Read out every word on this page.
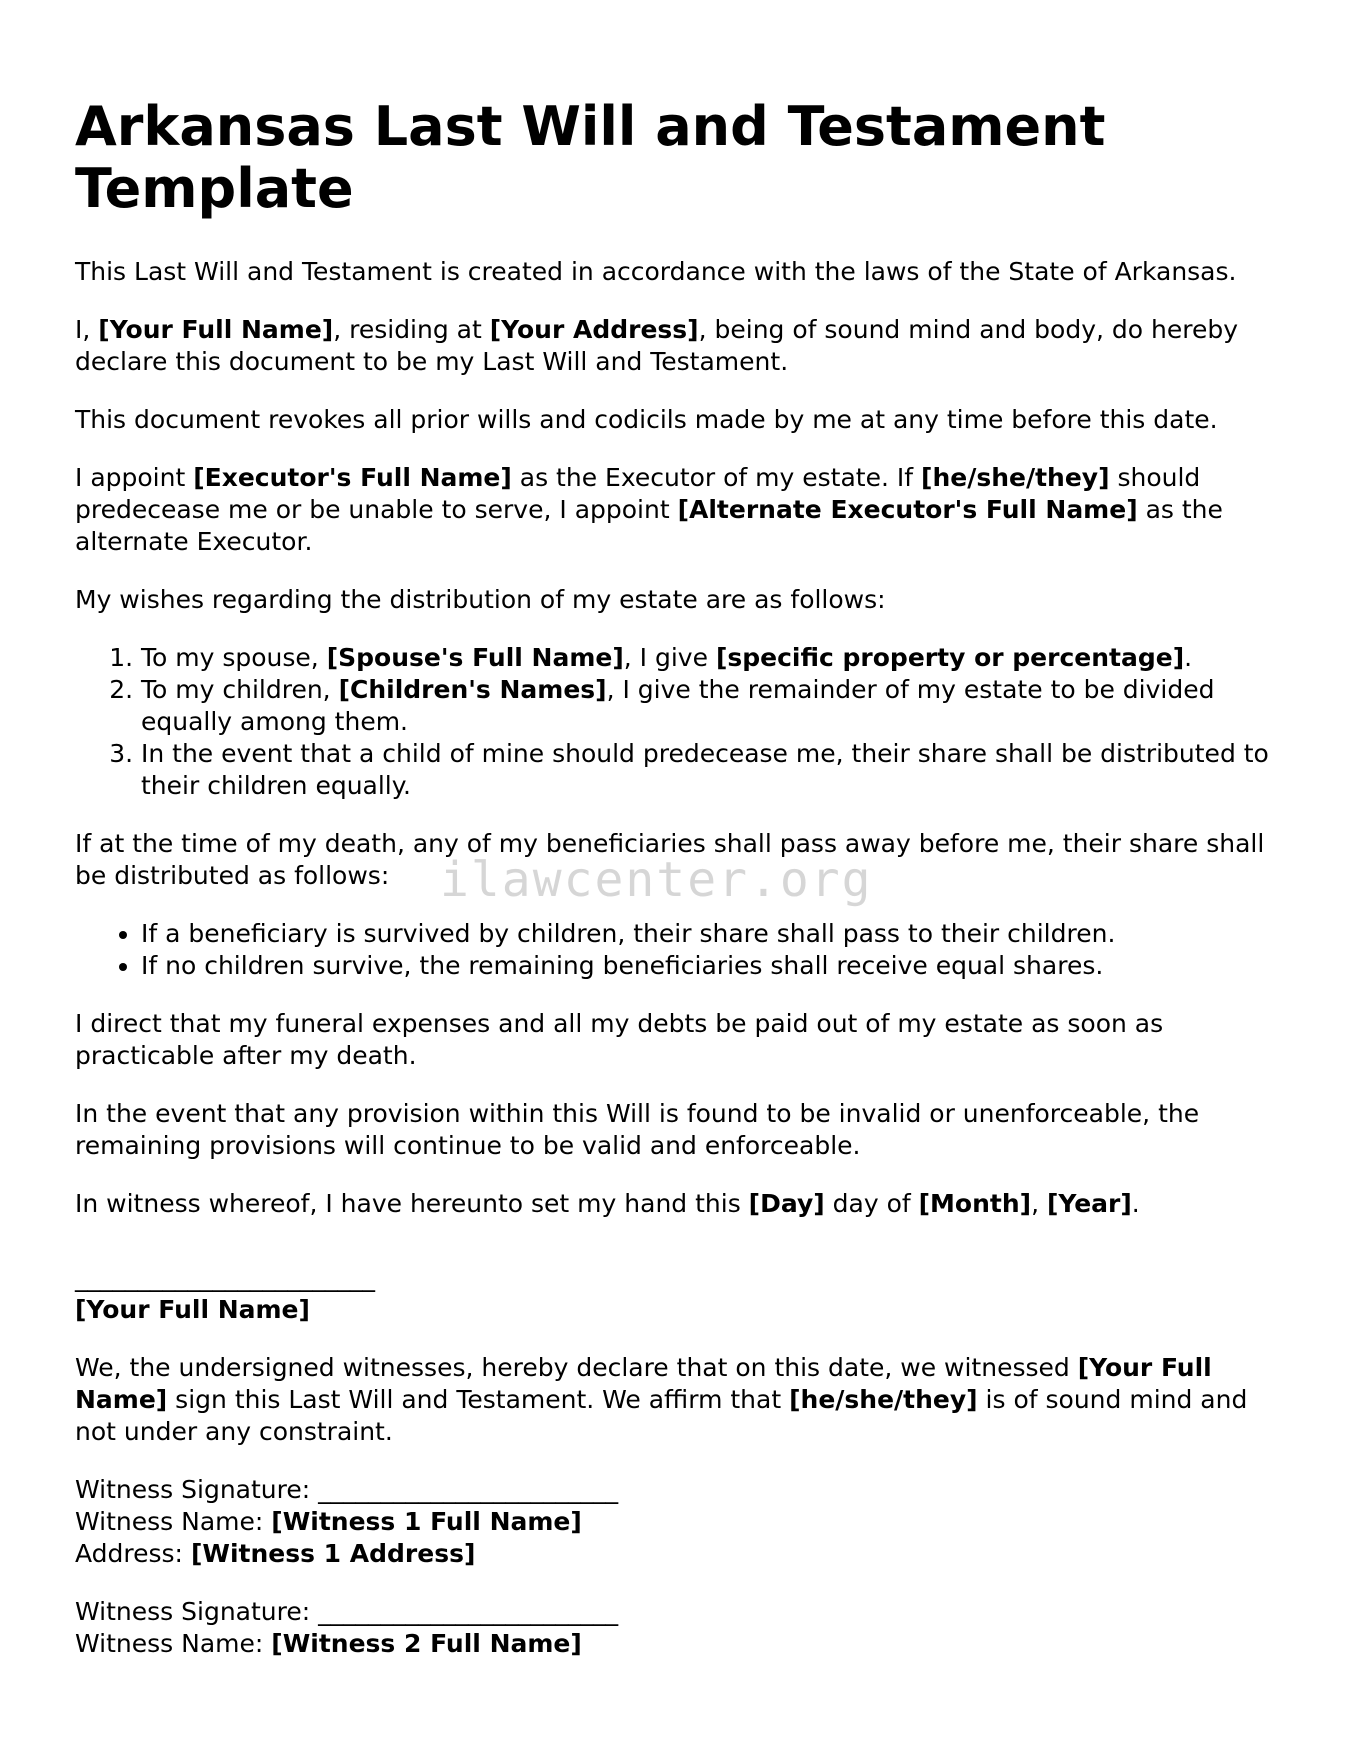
Arkansas Last Will and Testament Template

This Last Will and Testament is created in accordance with the laws of the State of Arkansas.

I, [Your Full Name], residing at [Your Address], being of sound mind and body, do hereby declare this document to be my Last Will and Testament.

This document revokes all prior wills and codicils made by me at any time before this date.

I appoint [Executor's Full Name] as the Executor of my estate. If [he/she/they] should predecease me or be unable to serve, I appoint [Alternate Executor's Full Name] as the alternate Executor.

My wishes regarding the distribution of my estate are as follows:

1. To my spouse, [Spouse's Full Name], I give [specific property or percentage].
2. To my children, [Children's Names], I give the remainder of my estate to be divided equally among them.
3. In the event that a child of mine should predecease me, their share shall be distributed to their children equally.

If at the time of my death, any of my beneficiaries shall pass away before me, their share shall be distributed as follows:

• If a beneficiary is survived by children, their share shall pass to their children.
• If no children survive, the remaining beneficiaries shall receive equal shares.

I direct that my funeral expenses and all my debts be paid out of my estate as soon as practicable after my death.

In the event that any provision within this Will is found to be invalid or unenforceable, the remaining provisions will continue to be valid and enforceable.

In witness whereof, I have hereunto set my hand this [Day] day of [Month], [Year].

________________________
[Your Full Name]

We, the undersigned witnesses, hereby declare that on this date, we witnessed [Your Full Name] sign this Last Will and Testament. We affirm that [he/she/they] is of sound mind and not under any constraint.

Witness Signature: ________________________
Witness Name: [Witness 1 Full Name]
Address: [Witness 1 Address]

Witness Signature: ________________________
Witness Name: [Witness 2 Full Name]

ilawcenter.org
